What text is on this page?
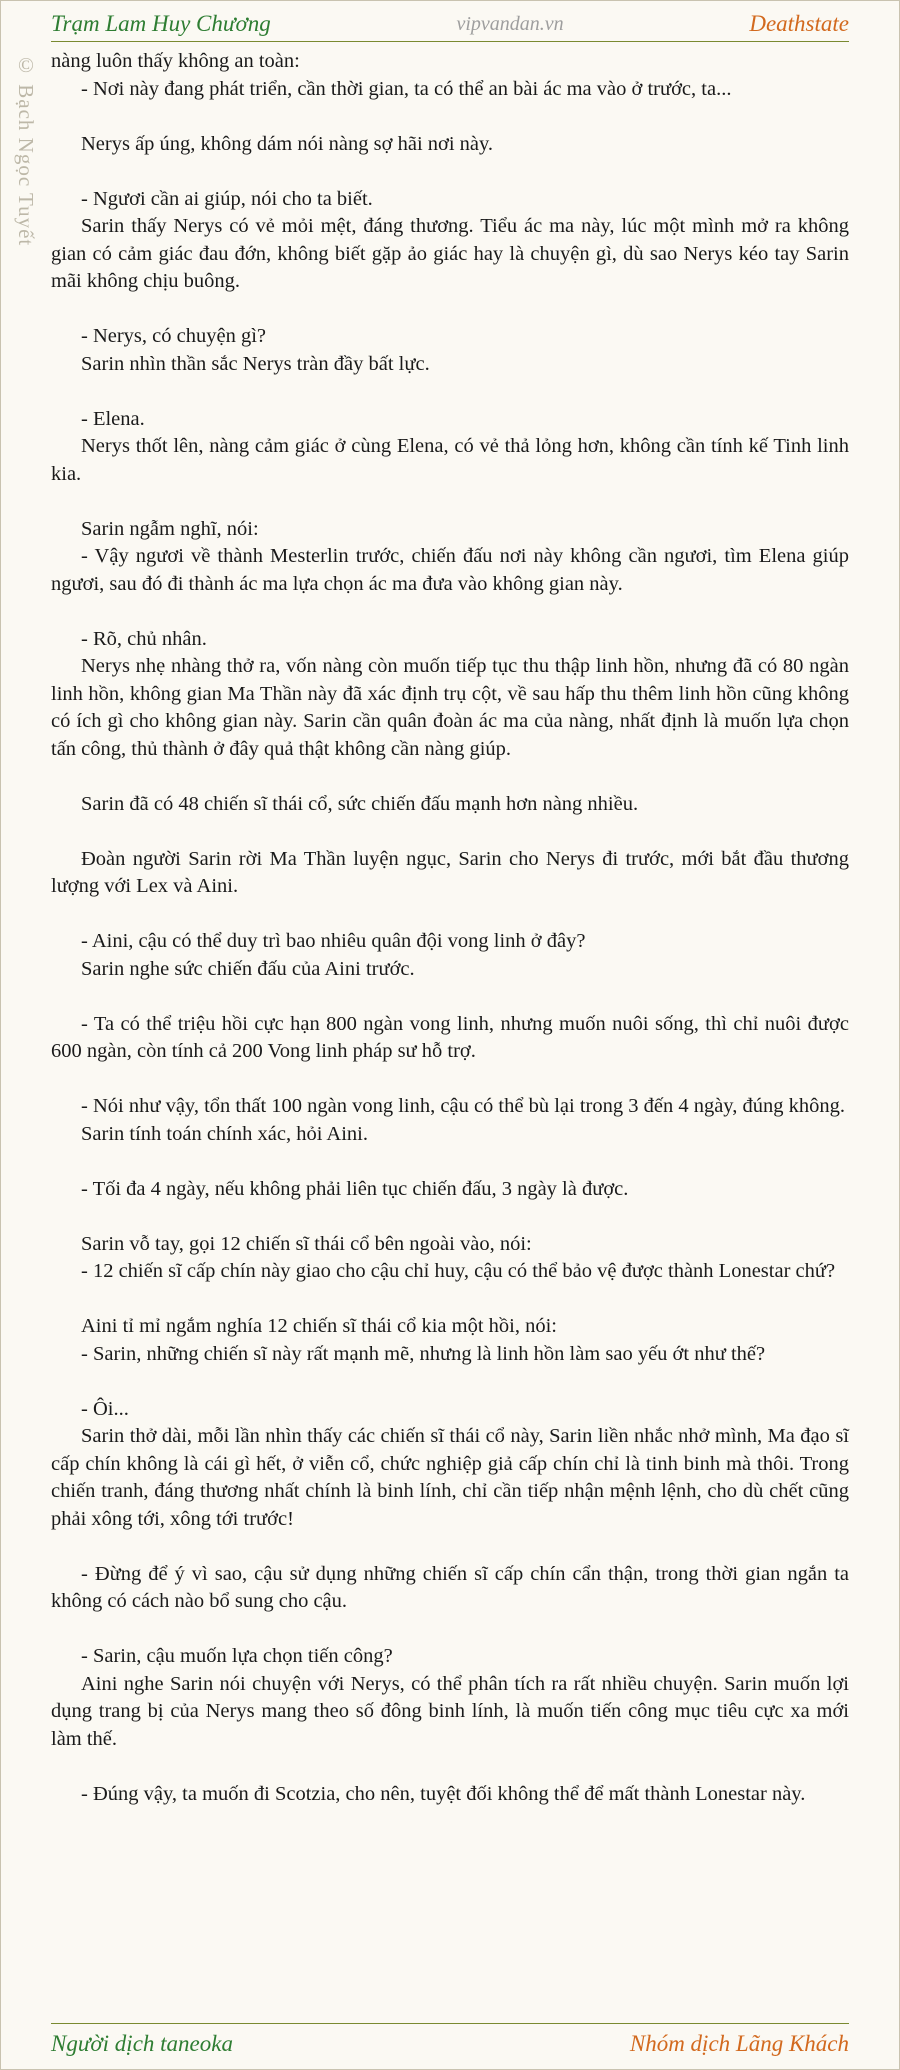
Trạm Lam Huy Chương	vipvandan.vn	Deathstate
© Bạch Ngọc Tuyết nàng luôn thấy không an toàn:

- Nơi này đang phát triển, cần thời gian, ta có thể an bài ác ma vào ở trước, ta...

Nerys ấp úng, không dám nói nàng sợ hãi nơi này.

- Ngươi cần ai giúp, nói cho ta biết.

Sarin thấy Nerys có vẻ mỏi mệt, đáng thương. Tiểu ác ma này, lúc một mình mở ra không gian có cảm giác đau đớn, không biết gặp ảo giác hay là chuyện gì, dù sao Nerys kéo tay Sarin mãi không chịu buông.

- Nerys, có chuyện gì?

Sarin nhìn thần sắc Nerys tràn đầy bất lực.

- Elena.

Nerys thốt lên, nàng cảm giác ở cùng Elena, có vẻ thả lỏng hơn, không cần tính kế Tinh linh kia.

Sarin ngẫm nghĩ, nói:

- Vậy ngươi về thành Mesterlin trước, chiến đấu nơi này không cần ngươi, tìm Elena giúp ngươi, sau đó đi thành ác ma lựa chọn ác ma đưa vào không gian này.

- Rõ, chủ nhân.

Nerys nhẹ nhàng thở ra, vốn nàng còn muốn tiếp tục thu thập linh hồn, nhưng đã có 80 ngàn linh hồn, không gian Ma Thần này đã xác định trụ cột, về sau hấp thu thêm linh hồn cũng không có ích gì cho không gian này. Sarin cần quân đoàn ác ma của nàng, nhất định là muốn lựa chọn tấn công, thủ thành ở đây quả thật không cần nàng giúp.

Sarin đã có 48 chiến sĩ thái cổ, sức chiến đấu mạnh hơn nàng nhiều.

Đoàn người Sarin rời Ma Thần luyện ngục, Sarin cho Nerys đi trước, mới bắt đầu thương lượng với Lex và Aini.

- Aini, cậu có thể duy trì bao nhiêu quân đội vong linh ở đây?

Sarin nghe sức chiến đấu của Aini trước.

- Ta có thể triệu hồi cực hạn 800 ngàn vong linh, nhưng muốn nuôi sống, thì chỉ nuôi được 600 ngàn, còn tính cả 200 Vong linh pháp sư hỗ trợ.

- Nói như vậy, tổn thất 100 ngàn vong linh, cậu có thể bù lại trong 3 đến 4 ngày, đúng không.

Sarin tính toán chính xác, hỏi Aini.

- Tối đa 4 ngày, nếu không phải liên tục chiến đấu, 3 ngày là được.

Sarin vỗ tay, gọi 12 chiến sĩ thái cổ bên ngoài vào, nói:

- 12 chiến sĩ cấp chín này giao cho cậu chỉ huy, cậu có thể bảo vệ được thành Lonestar chứ?

Aini tỉ mỉ ngắm nghía 12 chiến sĩ thái cổ kia một hồi, nói:

- Sarin, những chiến sĩ này rất mạnh mẽ, nhưng là linh hồn làm sao yếu ớt như thế?

- Ôi...

Sarin thở dài, mỗi lần nhìn thấy các chiến sĩ thái cổ này, Sarin liền nhắc nhở mình, Ma đạo sĩ cấp chín không là cái gì hết, ở viễn cổ, chức nghiệp giả cấp chín chỉ là tinh binh mà thôi. Trong chiến tranh, đáng thương nhất chính là binh lính, chỉ cần tiếp nhận mệnh lệnh, cho dù chết cũng phải xông tới, xông tới trước!

- Đừng để ý vì sao, cậu sử dụng những chiến sĩ cấp chín cẩn thận, trong thời gian ngắn ta không có cách nào bổ sung cho cậu.

- Sarin, cậu muốn lựa chọn tiến công?

Aini nghe Sarin nói chuyện với Nerys, có thể phân tích ra rất nhiều chuyện. Sarin muốn lợi dụng trang bị của Nerys mang theo số đông binh lính, là muốn tiến công mục tiêu cực xa mới làm thế.

- Đúng vậy, ta muốn đi Scotzia, cho nên, tuyệt đối không thể để mất thành Lonestar này.

Người dịch taneoka	Nhóm dịch Lãng Khách
